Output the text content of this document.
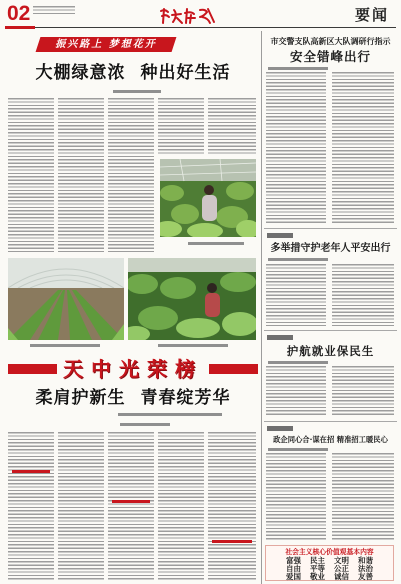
02	要闻
振兴路上 梦想花开
大棚绿意浓 种出好生活
天中光荣榜
柔肩护新生 青春绽芳华
市交警支队高新区大队调研行指示
安全错峰出行
多举措守护老年人平安出行
护航就业保民生
政企同心合·谋在招 精准招工暖民心
社会主义核心价值观基本内容
富强 民主 文明 和谐
自由 平等 公正 法治
爱国 敬业 诚信 友善
